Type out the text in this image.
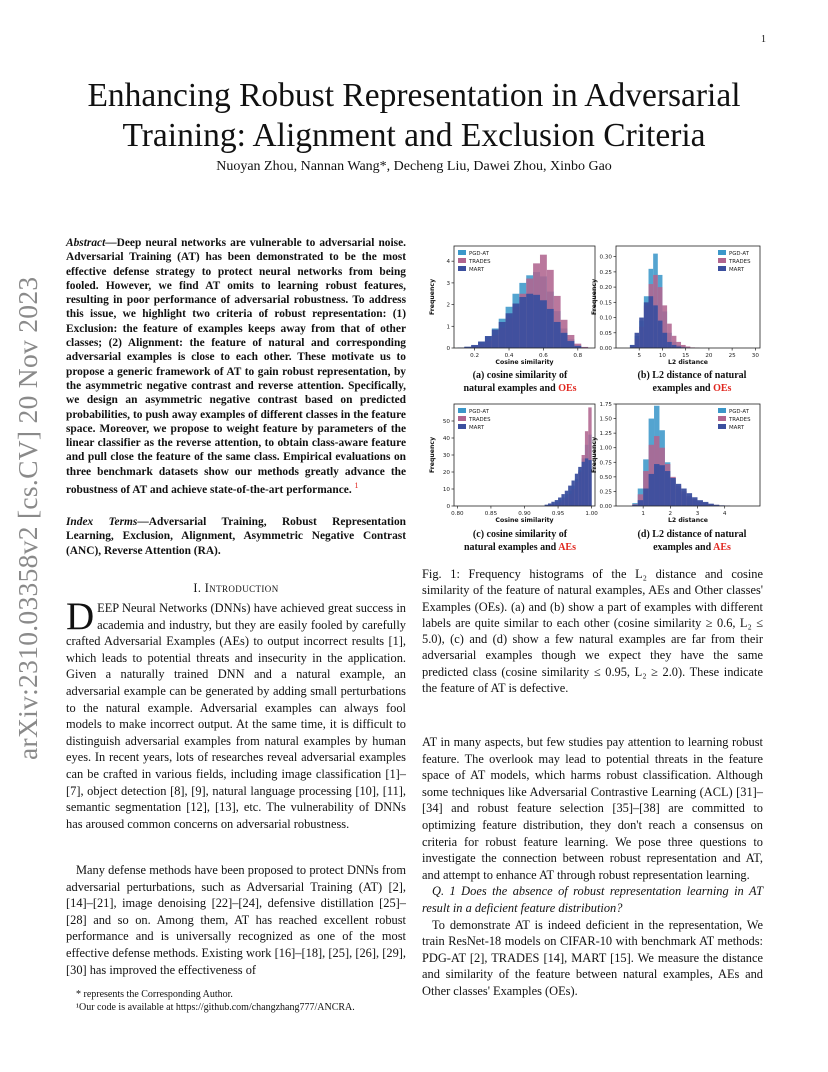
1
arXiv:2310.03358v2 [cs.CV] 20 Nov 2023
Enhancing Robust Representation in Adversarial
Training: Alignment and Exclusion Criteria
Nuoyan Zhou, Nannan Wang*, Decheng Liu, Dawei Zhou, Xinbo Gao
Abstract—Deep neural networks are vulnerable to adversarial noise. Adversarial Training (AT) has been demonstrated to be the most effective defense strategy to protect neural networks from being fooled. However, we find AT omits to learning robust features, resulting in poor performance of adversarial robustness. To address this issue, we highlight two criteria of robust representation: (1) Exclusion: the feature of examples keeps away from that of other classes; (2) Alignment: the feature of natural and corresponding adversarial examples is close to each other. These motivate us to propose a generic framework of AT to gain robust representation, by the asymmetric negative contrast and reverse attention. Specifically, we design an asymmetric negative contrast based on predicted probabilities, to push away examples of different classes in the feature space. Moreover, we propose to weight feature by parameters of the linear classifier as the reverse attention, to obtain class-aware feature and pull close the feature of the same class. Empirical evaluations on three benchmark datasets show our methods greatly advance the robustness of AT and achieve state-of-the-art performance. $^1$
Index Terms—Adversarial Training, Robust Representation Learning, Exclusion, Alignment, Asymmetric Negative Contrast (ANC), Reverse Attention (RA).
I. Introduction
DEEP Neural Networks (DNNs) have achieved great success in academia and industry, but they are easily fooled by carefully crafted Adversarial Examples (AEs) to output incorrect results [1], which leads to potential threats and insecurity in the application. Given a naturally trained DNN and a natural example, an adversarial example can be generated by adding small perturbations to the natural example. Adversarial examples can always fool models to make incorrect output. At the same time, it is difficult to distinguish adversarial examples from natural examples by human eyes. In recent years, lots of researches reveal adversarial examples can be crafted in various fields, including image classification [1]–[7], object detection [8], [9], natural language processing [10], [11], semantic segmentation [12], [13], etc. The vulnerability of DNNs has aroused common concerns on adversarial robustness.
Many defense methods have been proposed to protect DNNs from adversarial perturbations, such as Adversarial Training (AT) [2], [14]–[21], image denoising [22]–[24], defensive distillation [25]–[28] and so on. Among them, AT has reached excellent robust performance and is universally recognized as one of the most effective defense methods. Existing work [16]–[18], [25], [26], [29], [30] has improved the effectiveness of
* represents the Corresponding Author.
¹Our code is available at https://github.com/changzhang777/ANCRA.
0.2	0.4	0.6	0.8
0
1
2
3
4
Cosine similarity
Frequency
PGD-AT
TRADES
MART
5	10	15	20	25	30
0.00
0.05
0.10
0.15
0.20
0.25
0.30
L2 distance
Frequency
PGD-AT
TRADES
MART
0.80	0.85	0.90	0.95	1.00
0
10
20
30
40
50
Cosine similarity
Frequency
PGD-AT
TRADES
MART
1	2	3	4
0.00
0.25
0.50
0.75
1.00
1.25
1.50
1.75
L2 distance
Frequency
PGD-AT
TRADES
MART
(a) cosine similarity of
natural examples and OEs
(b) L2 distance of natural
examples and OEs
(c) cosine similarity of
natural examples and AEs
(d) L2 distance of natural
examples and AEs
Fig. 1: Frequency histograms of the L₂ distance and cosine similarity of the feature of natural examples, AEs and Other classes' Examples (OEs). (a) and (b) show a part of examples with different labels are quite similar to each other (cosine similarity ≥ 0.6, L₂ ≤ 5.0), (c) and (d) show a few natural examples are far from their adversarial examples though we expect they have the same predicted class (cosine similarity ≤ 0.95, L₂ ≥ 2.0). These indicate the feature of AT is defective.
AT in many aspects, but few studies pay attention to learning robust feature. The overlook may lead to potential threats in the feature space of AT models, which harms robust classification. Although some techniques like Adversarial Contrastive Learning (ACL) [31]–[34] and robust feature selection [35]–[38] are committed to optimizing feature distribution, they don't reach a consensus on criteria for robust feature learning. We pose three questions to investigate the connection between robust representation and AT, and attempt to enhance AT through robust representation learning.
Q. 1 Does the absence of robust representation learning in AT result in a deficient feature distribution?
To demonstrate AT is indeed deficient in the representation, We train ResNet-18 models on CIFAR-10 with benchmark AT methods: PDG-AT [2], TRADES [14], MART [15]. We measure the distance and similarity of the feature between natural examples, AEs and Other classes' Examples (OEs).
